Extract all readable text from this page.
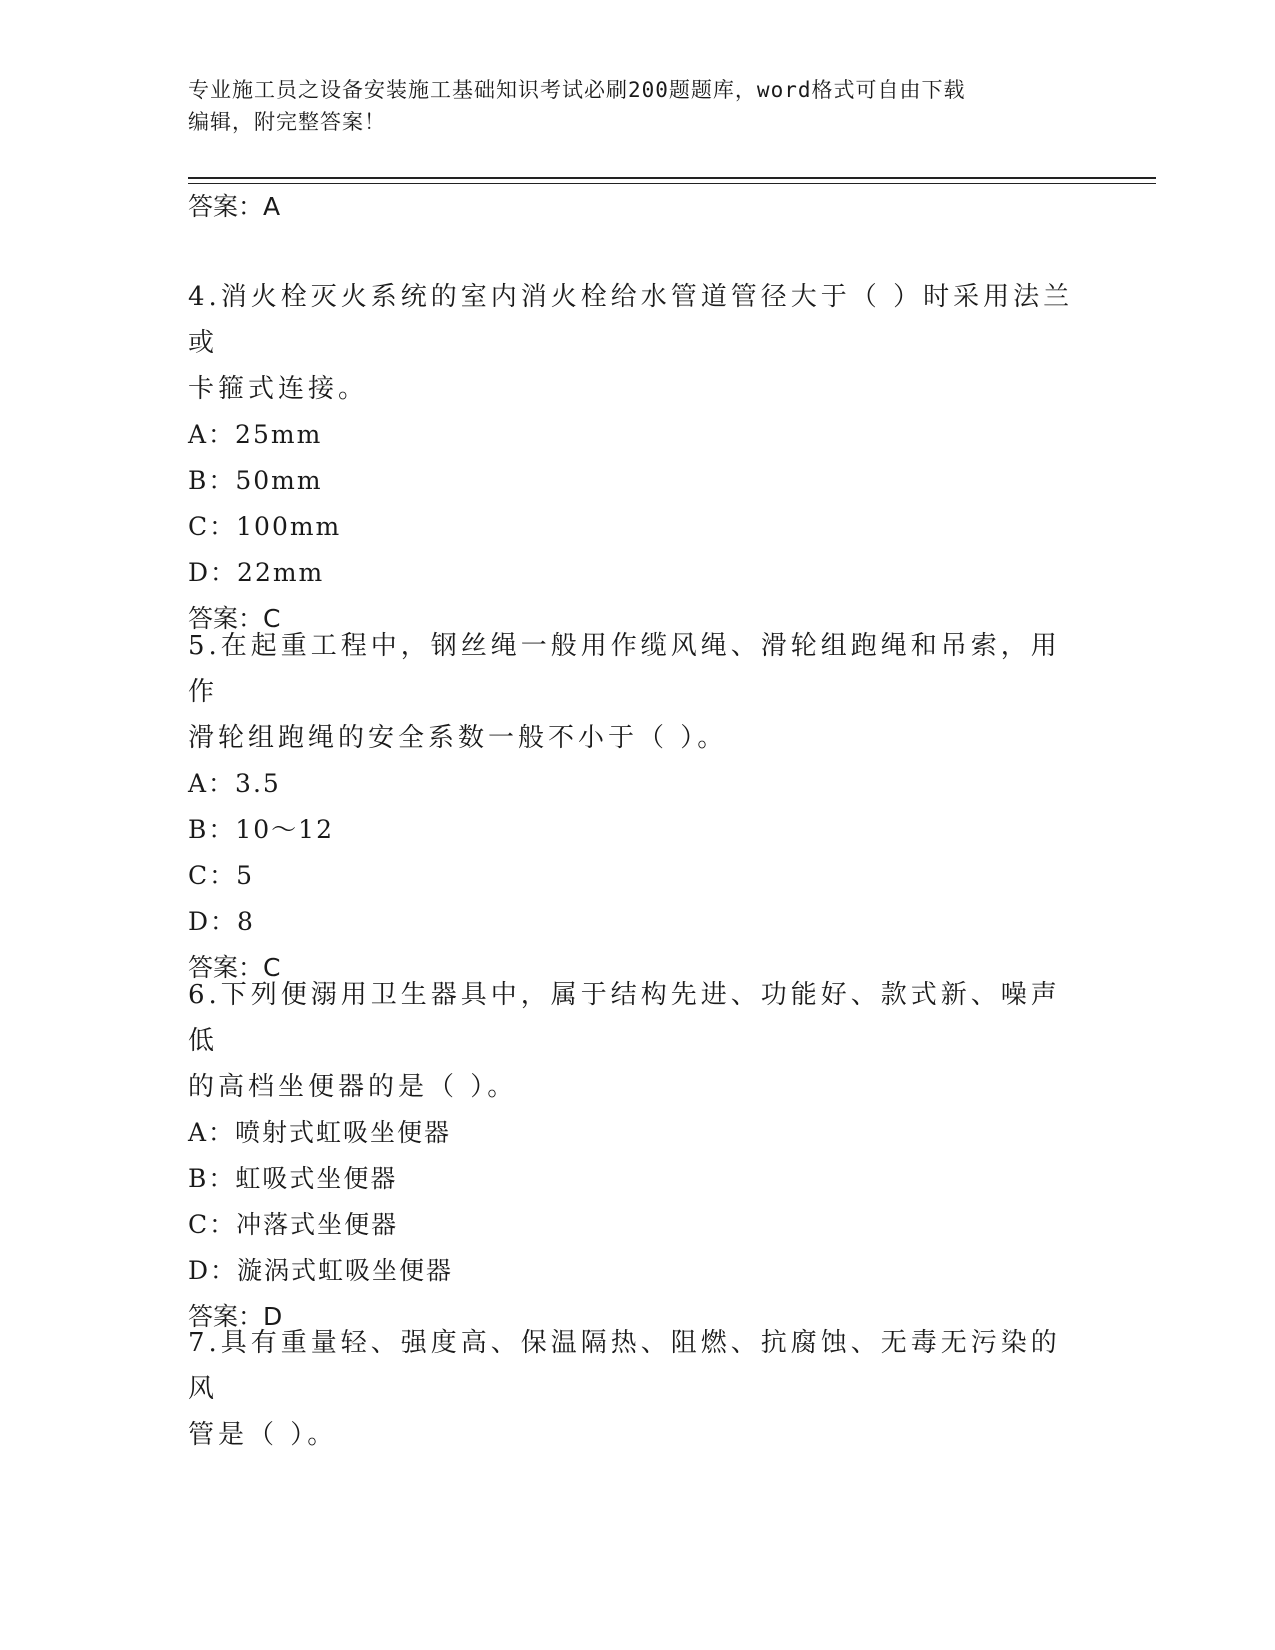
专业施工员之设备安装施工基础知识考试必刷200题题库，word格式可自由下载
编辑，附完整答案！
答案：A
4.消火栓灭火系统的室内消火栓给水管道管径大于（ ）时采用法兰或
卡箍式连接。
A：25mm
B：50mm
C：100mm
D：22mm
答案：C
5.在起重工程中，钢丝绳一般用作缆风绳、滑轮组跑绳和吊索，用作
滑轮组跑绳的安全系数一般不小于（ ）。
A：3.5
B：10～12
C：5
D：8
答案：C
6.下列便溺用卫生器具中，属于结构先进、功能好、款式新、噪声低
的高档坐便器的是（ ）。
A：喷射式虹吸坐便器
B：虹吸式坐便器
C：冲落式坐便器
D：漩涡式虹吸坐便器
答案：D
7.具有重量轻、强度高、保温隔热、阻燃、抗腐蚀、无毒无污染的风
管是（ ）。
